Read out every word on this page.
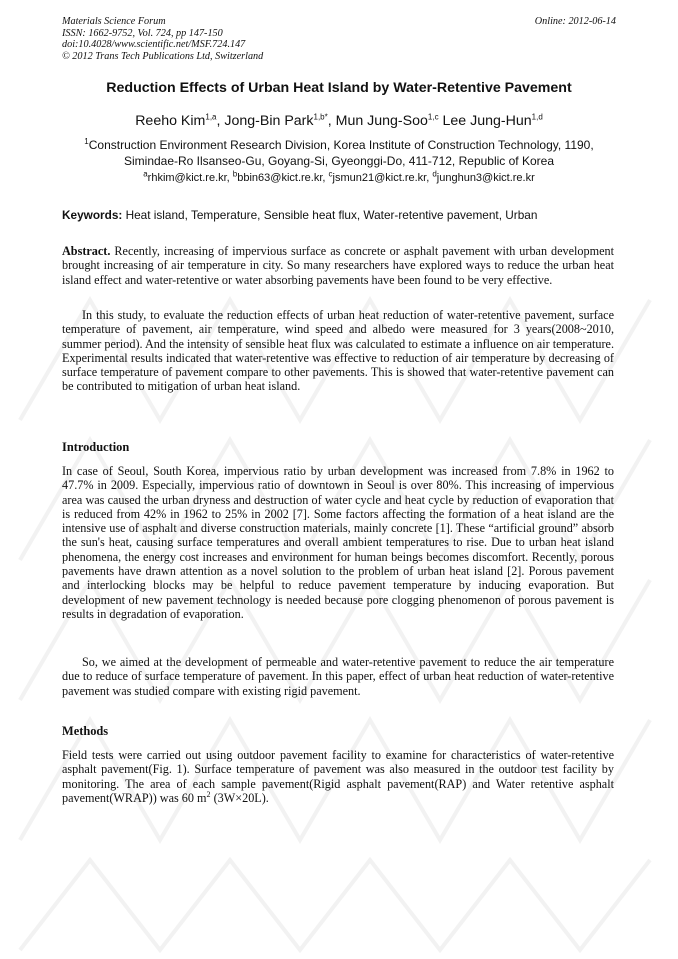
Materials Science Forum
ISSN: 1662-9752, Vol. 724, pp 147-150
doi:10.4028/www.scientific.net/MSF.724.147
© 2012 Trans Tech Publications Ltd, Switzerland
Online: 2012-06-14
Reduction Effects of Urban Heat Island by Water-Retentive Pavement
Reeho Kim$^{1,a}$, Jong-Bin Park$^{1,b*}$, Mun Jung-Soo$^{1,c}$ Lee Jung-Hun$^{1,d}$
$^1$Construction Environment Research Division, Korea Institute of Construction Technology, 1190,
Simindae-Ro Ilsanseo-Gu, Goyang-Si, Gyeonggi-Do, 411-712, Republic of Korea
$^a$rhkim@kict.re.kr, $^b$bbin63@kict.re.kr, $^c$jsmun21@kict.re.kr, $^d$junghun3@kict.re.kr
Keywords: Heat island, Temperature, Sensible heat flux, Water-retentive pavement, Urban

Abstract. Recently, increasing of impervious surface as concrete or asphalt pavement with urban development brought increasing of air temperature in city. So many researchers have explored ways to reduce the urban heat island effect and water-retentive or water absorbing pavements have been found to be very effective.

In this study, to evaluate the reduction effects of urban heat reduction of water-retentive pavement, surface temperature of pavement, air temperature, wind speed and albedo were measured for 3 years(2008~2010, summer period). And the intensity of sensible heat flux was calculated to estimate a influence on air temperature. Experimental results indicated that water-retentive was effective to reduction of air temperature by decreasing of surface temperature of pavement compare to other pavements. This is showed that water-retentive pavement can be contributed to mitigation of urban heat island.

Introduction

In case of Seoul, South Korea, impervious ratio by urban development was increased from 7.8% in 1962 to 47.7% in 2009. Especially, impervious ratio of downtown in Seoul is over 80%. This increasing of impervious area was caused the urban dryness and destruction of water cycle and heat cycle by reduction of evaporation that is reduced from 42% in 1962 to 25% in 2002 [7]. Some factors affecting the formation of a heat island are the intensive use of asphalt and diverse construction materials, mainly concrete [1]. These “artificial ground” absorb the sun's heat, causing surface temperatures and overall ambient temperatures to rise. Due to urban heat island phenomena, the energy cost increases and environment for human beings becomes discomfort. Recently, porous pavements have drawn attention as a novel solution to the problem of urban heat island [2]. Porous pavement and interlocking blocks may be helpful to reduce pavement temperature by inducing evaporation. But development of new pavement technology is needed because pore clogging phenomenon of porous pavement is results in degradation of evaporation.

So, we aimed at the development of permeable and water-retentive pavement to reduce the air temperature due to reduce of surface temperature of pavement. In this paper, effect of urban heat reduction of water-retentive pavement was studied compare with existing rigid pavement.

Methods

Field tests were carried out using outdoor pavement facility to examine for characteristics of water-retentive asphalt pavement(Fig. 1). Surface temperature of pavement was also measured in the outdoor test facility by monitoring. The area of each sample pavement(Rigid asphalt pavement(RAP) and Water retentive asphalt pavement(WRAP)) was 60 $m^2$ (3W×20L).
